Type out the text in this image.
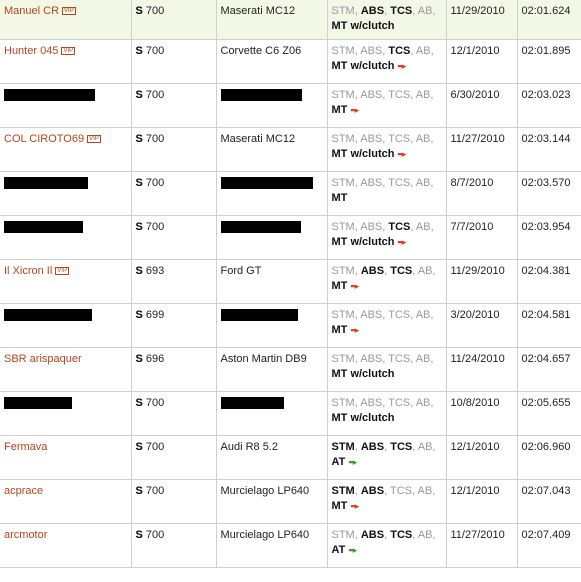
Manuel CR VIP	S 700	Maserati MC12	STM, ABS, TCS, AB,
MT w/clutch	11/29/2010	02:01.624
Hunter 045 VIP	S 700	Corvette C6 Z06	STM, ABS, TCS, AB,
MT w/clutch ▪▪▸	12/1/2010	02:01.895
	S 700		STM, ABS, TCS, AB,
MT ▪▪▸	6/30/2010	02:03.023
COL CIROTO69 VIP	S 700	Maserati MC12	STM, ABS, TCS, AB,
MT w/clutch ▪▪▸	11/27/2010	02:03.144
	S 700		STM, ABS, TCS, AB,
MT	8/7/2010	02:03.570
	S 700		STM, ABS, TCS, AB,
MT w/clutch ▪▪▸	7/7/2010	02:03.954
Il Xicron Il VIP	S 693	Ford GT	STM, ABS, TCS, AB,
MT ▪▪▸	11/29/2010	02:04.381
	S 699		STM, ABS, TCS, AB,
MT ▪▪▸	3/20/2010	02:04.581
SBR arispaquer	S 696	Aston Martin DB9	STM, ABS, TCS, AB,
MT w/clutch	11/24/2010	02:04.657
	S 700		STM, ABS, TCS, AB,
MT w/clutch	10/8/2010	02:05.655
Fermava	S 700	Audi R8 5.2	STM, ABS, TCS, AB,
AT ▪▪▸	12/1/2010	02:06.960
acprace	S 700	Murcielago LP640	STM, ABS, TCS, AB,
MT ▪▪▸	12/1/2010	02:07.043
arcmotor	S 700	Murcielago LP640	STM, ABS, TCS, AB,
AT ▪▪▸	11/27/2010	02:07.409
